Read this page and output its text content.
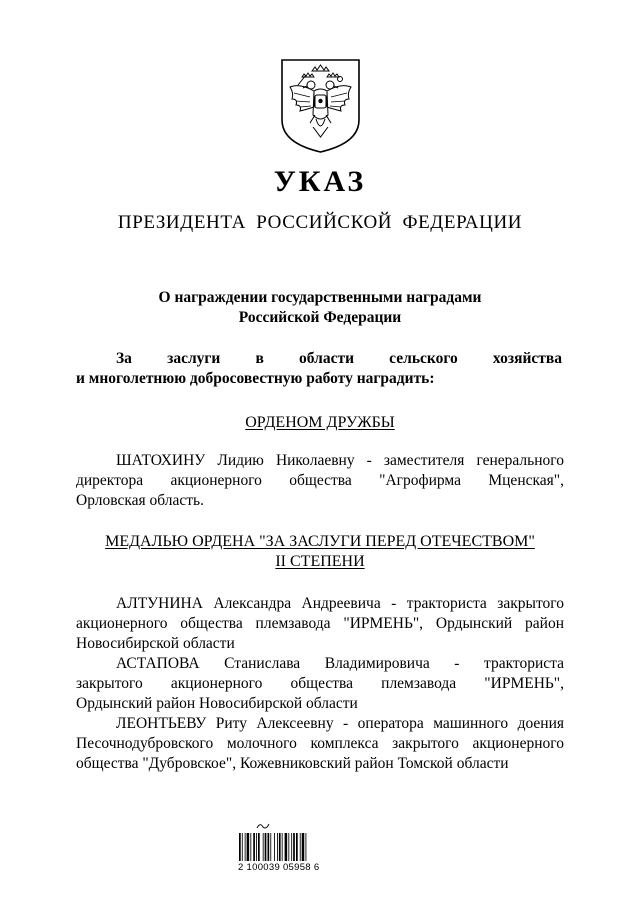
УКАЗ
ПРЕЗИДЕНТА РОССИЙСКОЙ ФЕДЕРАЦИИ
О награждении государственными наградами
Российской Федерации
За заслуги в области сельского хозяйства
и многолетнюю добросовестную работу наградить:
ОРДЕНОМ ДРУЖБЫ
ШАТОХИНУ Лидию Николаевну - заместителя генерального
директора акционерного общества "Агрофирма Мценская",
Орловская область.
МЕДАЛЬЮ ОРДЕНА "ЗА ЗАСЛУГИ ПЕРЕД ОТЕЧЕСТВОМ"
II СТЕПЕНИ
АЛТУНИНА Александра Андреевича - тракториста закрытого
акционерного общества племзавода "ИРМЕНЬ", Ордынский район
Новосибирской области
АСТАПОВА Станислава Владимировича - тракториста
закрытого акционерного общества племзавода "ИРМЕНЬ",
Ордынский район Новосибирской области
ЛЕОНТЬЕВУ Риту Алексеевну - оператора машинного доения
Песочнодубровского молочного комплекса закрытого акционерного
общества "Дубровское", Кожевниковский район Томской области
2 100039 05958 6
